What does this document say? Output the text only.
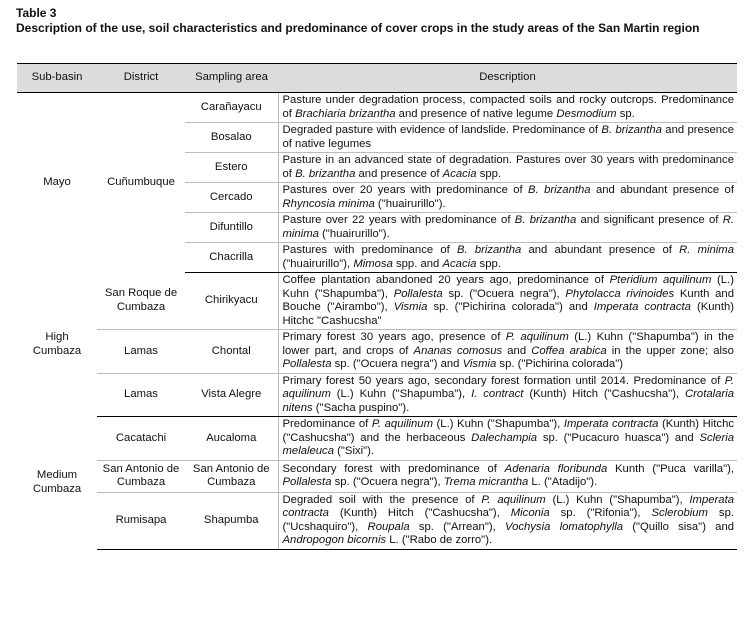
Table 3
Description of the use, soil characteristics and predominance of cover crops in the study areas of the San Martin region
Sub-basin	District	Sampling area	Description
Mayo	Cuñumbuque	Carañayacu	Pasture under degradation process, compacted soils and rocky outcrops. Predominance of Brachiaria brizantha and presence of native legume Desmodium sp.
		Bosalao	Degraded pasture with evidence of landslide. Predominance of B. brizantha and presence of native legumes
		Estero	Pasture in an advanced state of degradation. Pastures over 30 years with predominance of B. brizantha and presence of Acacia spp.
		Cercado	Pastures over 20 years with predominance of B. brizantha and abundant presence of Rhyncosia minima ("huairurillo").
		Difuntillo	Pasture over 22 years with predominance of B. brizantha and significant presence of R. minima ("huairurillo").
		Chacrilla	Pastures with predominance of B. brizantha and abundant presence of R. minima ("huairurillo"), Mimosa spp. and Acacia spp.
High Cumbaza	San Roque de Cumbaza	Chirikyacu	Coffee plantation abandoned 20 years ago, predominance of Pteridium aquilinum (L.) Kuhn ("Shapumba"), Pollalesta sp. ("Ocuera negra"), Phytolacca rivinoides Kunth and Bouche ("Airambo"), Vismia sp. ("Pichirina colorada") and Imperata contracta (Kunth) Hitchc "Cashucsha"
	Lamas	Chontal	Primary forest 30 years ago, presence of P. aquilinum (L.) Kuhn ("Shapumba") in the lower part, and crops of Ananas comosus and Coffea arabica in the upper zone; also Pollalesta sp. ("Ocuera negra") and Vismia sp. ("Pichirina colorada")
	Lamas	Vista Alegre	Primary forest 50 years ago, secondary forest formation until 2014. Predominance of P. aquilinum (L.) Kuhn ("Shapumba"), I. contract (Kunth) Hitch ("Cashucsha"), Crotalaria nitens ("Sacha puspino").
Medium Cumbaza	Cacatachi	Aucaloma	Predominance of P. aquilinum (L.) Kuhn ("Shapumba"), Imperata contracta (Kunth) Hitchc ("Cashucsha") and the herbaceous Dalechampia sp. ("Pucacuro huasca") and Scleria melaleuca ("Sixi").
	San Antonio de Cumbaza	San Antonio de Cumbaza	Secondary forest with predominance of Adenaria floribunda Kunth ("Puca varilla"), Pollalesta sp. ("Ocuera negra"), Trema micrantha L. ("Atadijo").
	Rumisapa	Shapumba	Degraded soil with the presence of P. aquilinum (L.) Kuhn ("Shapumba"), Imperata contracta (Kunth) Hitch ("Cashucsha"), Miconia sp. ("Rifonia"), Sclerobium sp. ("Ucshaquiro"), Roupala sp. ("Arrean"), Vochysia lomatophylla ("Quillo sisa") and Andropogon bicornis L. ("Rabo de zorro").
